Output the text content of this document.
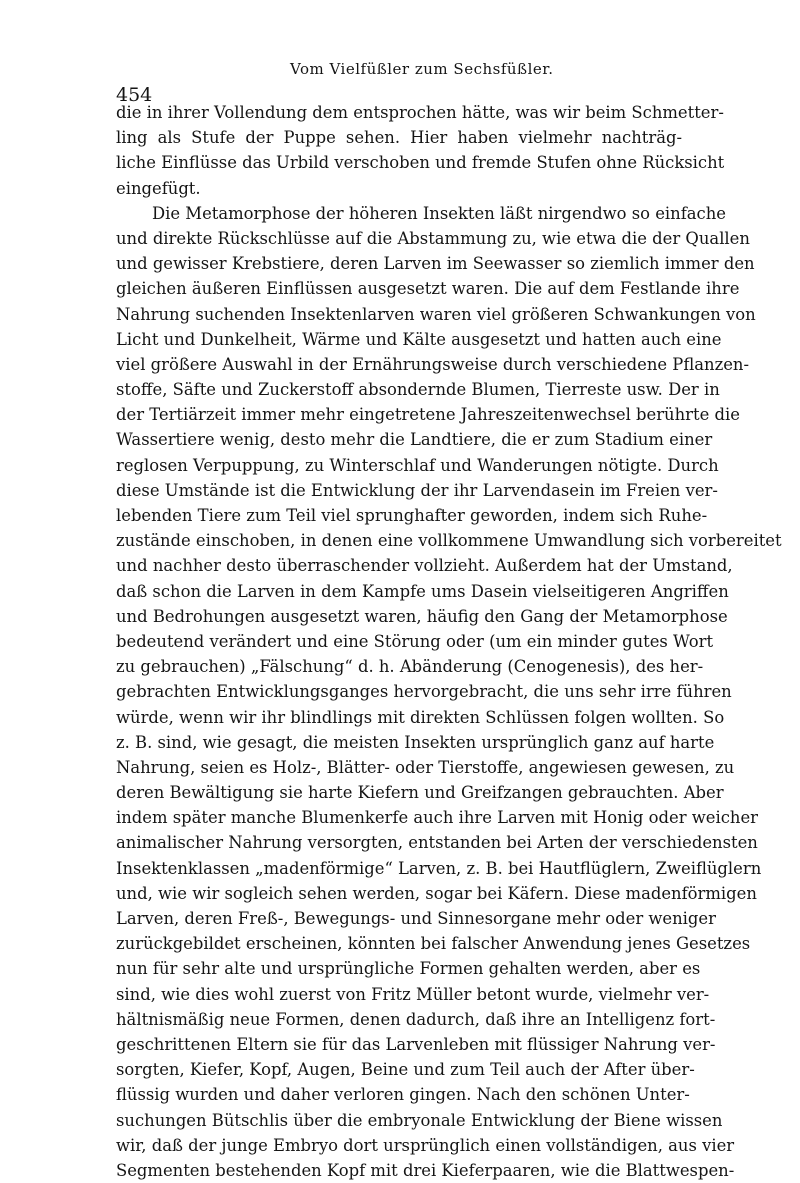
Vom Vielfüßler zum Sechsfüßler.
454
die in ihrer Vollendung dem entsprochen hätte, was wir beim Schmetter-
ling als Stufe der Puppe sehen. Hier haben vielmehr nachträg-
liche Einflüsse das Urbild verschoben und fremde Stufen ohne Rücksicht
eingefügt.
Die Metamorphose der höheren Insekten läßt nirgendwo so einfache
und direkte Rückschlüsse auf die Abstammung zu, wie etwa die der Quallen
und gewisser Krebstiere, deren Larven im Seewasser so ziemlich immer den
gleichen äußeren Einflüssen ausgesetzt waren. Die auf dem Festlande ihre
Nahrung suchenden Insektenlarven waren viel größeren Schwankungen von
Licht und Dunkelheit, Wärme und Kälte ausgesetzt und hatten auch eine
viel größere Auswahl in der Ernährungsweise durch verschiedene Pflanzen-
stoffe, Säfte und Zuckerstoff absondernde Blumen, Tierreste usw. Der in
der Tertiärzeit immer mehr eingetretene Jahreszeitenwechsel berührte die
Wassertiere wenig, desto mehr die Landtiere, die er zum Stadium einer
reglosen Verpuppung, zu Winterschlaf und Wanderungen nötigte. Durch
diese Umstände ist die Entwicklung der ihr Larvendasein im Freien ver-
lebenden Tiere zum Teil viel sprunghafter geworden, indem sich Ruhe-
zustände einschoben, in denen eine vollkommene Umwandlung sich vorbereitet
und nachher desto überraschender vollzieht. Außerdem hat der Umstand,
daß schon die Larven in dem Kampfe ums Dasein vielseitigeren Angriffen
und Bedrohungen ausgesetzt waren, häufig den Gang der Metamorphose
bedeutend verändert und eine Störung oder (um ein minder gutes Wort
zu gebrauchen) „Fälschung“ d. h. Abänderung (Cenogenesis), des her-
gebrachten Entwicklungsganges hervorgebracht, die uns sehr irre führen
würde, wenn wir ihr blindlings mit direkten Schlüssen folgen wollten. So
z. B. sind, wie gesagt, die meisten Insekten ursprünglich ganz auf harte
Nahrung, seien es Holz-, Blätter- oder Tierstoffe, angewiesen gewesen, zu
deren Bewältigung sie harte Kiefern und Greifzangen gebrauchten. Aber
indem später manche Blumenkerfe auch ihre Larven mit Honig oder weicher
animalischer Nahrung versorgten, entstanden bei Arten der verschiedensten
Insektenklassen „madenförmige“ Larven, z. B. bei Hautflüglern, Zweiflüglern
und, wie wir sogleich sehen werden, sogar bei Käfern. Diese madenförmigen
Larven, deren Freß-, Bewegungs- und Sinnesorgane mehr oder weniger
zurückgebildet erscheinen, könnten bei falscher Anwendung jenes Gesetzes
nun für sehr alte und ursprüngliche Formen gehalten werden, aber es
sind, wie dies wohl zuerst von Fritz Müller betont wurde, vielmehr ver-
hältnismäßig neue Formen, denen dadurch, daß ihre an Intelligenz fort-
geschrittenen Eltern sie für das Larvenleben mit flüssiger Nahrung ver-
sorgten, Kiefer, Kopf, Augen, Beine und zum Teil auch der After über-
flüssig wurden und daher verloren gingen. Nach den schönen Unter-
suchungen Bütschlis über die embryonale Entwicklung der Biene wissen
wir, daß der junge Embryo dort ursprünglich einen vollständigen, aus vier
Segmenten bestehenden Kopf mit drei Kieferpaaren, wie die Blattwespen-
